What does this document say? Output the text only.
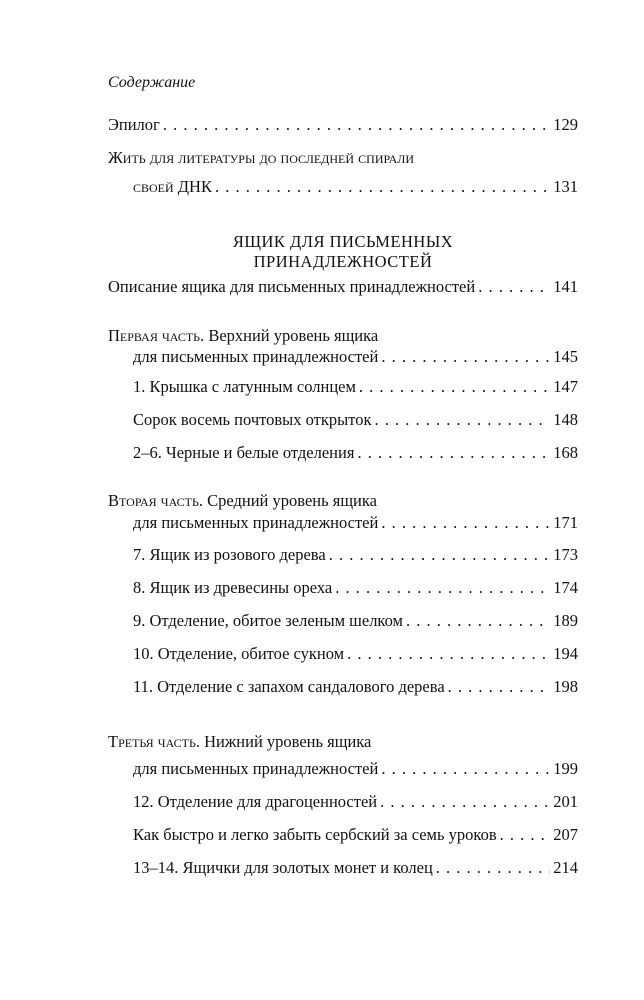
Содержание
Эпилог . . .	129
Жить для литературы до последней спирали
своей ДНК . . .	131
ЯЩИК ДЛЯ ПИСЬМЕННЫХ
ПРИНАДЛЕЖНОСТЕЙ
Описание ящика для письменных принадлежностей . . .	141
Первая часть. Верхний уровень ящика
для письменных принадлежностей . . .	145
1. Крышка с латунным солнцем . . .	147
Сорок восемь почтовых открыток . . .	148
2–6. Черные и белые отделения . . .	168
Вторая часть. Средний уровень ящика
для письменных принадлежностей . . .	171
7. Ящик из розового дерева . . .	173
8. Ящик из древесины ореха . . .	174
9. Отделение, обитое зеленым шелком . . .	189
10. Отделение, обитое сукном . . .	194
11. Отделение с запахом сандалового дерева . . .	198
Третья часть. Нижний уровень ящика
для письменных принадлежностей . . .	199
12. Отделение для драгоценностей . . .	201
Как быстро и легко забыть сербский за семь уроков . . .	207
13–14. Ящички для золотых монет и колец . . .	214
